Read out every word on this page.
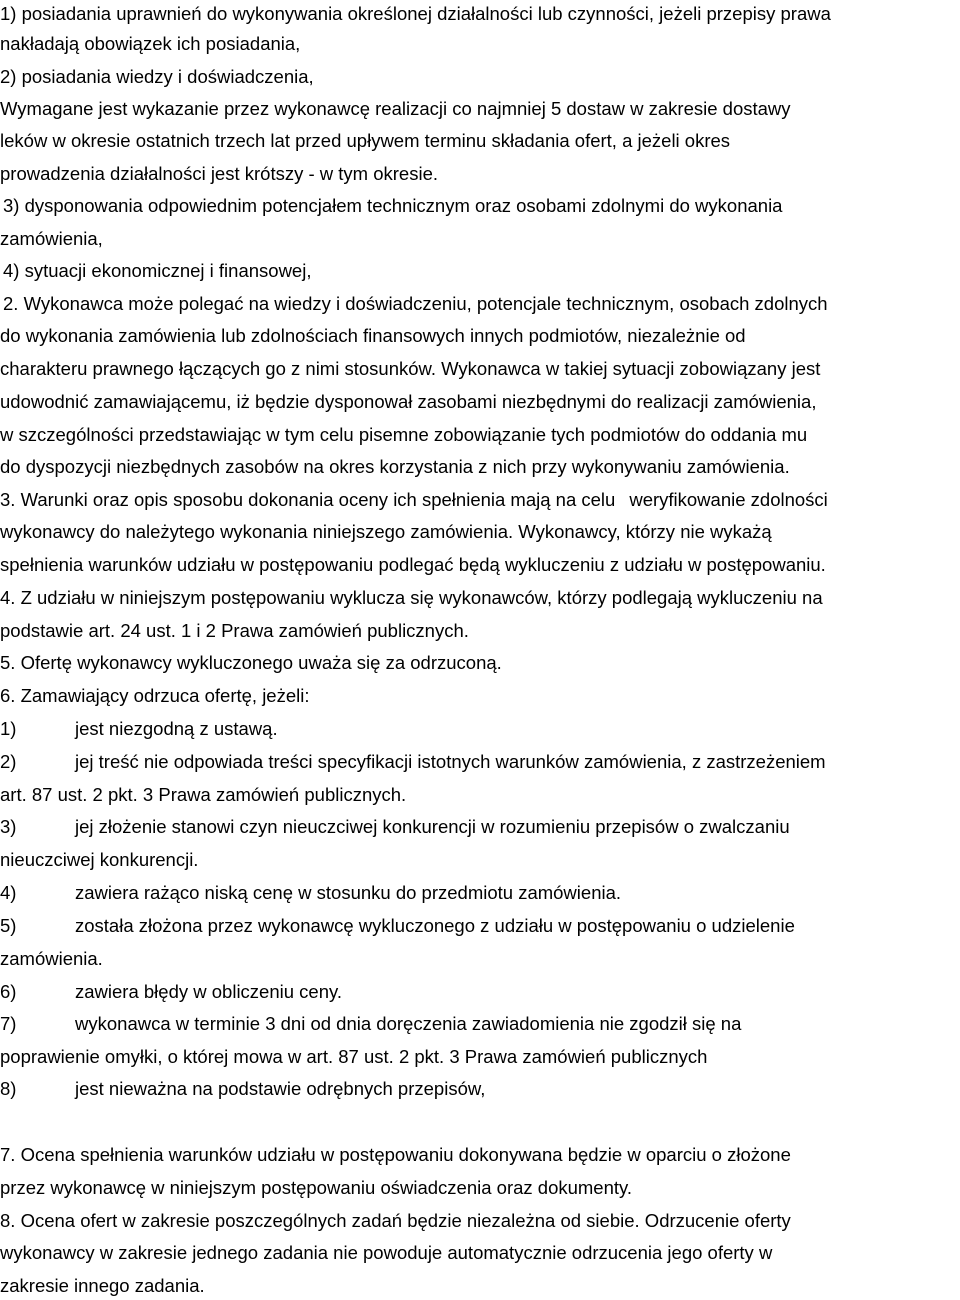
1) posiadania uprawnień do wykonywania określonej działalności lub czynności, jeżeli przepisy prawa
nakładają obowiązek ich posiadania,
2) posiadania wiedzy i doświadczenia,
Wymagane jest wykazanie przez wykonawcę realizacji co najmniej 5 dostaw w zakresie dostawy
leków w okresie ostatnich trzech lat przed upływem terminu składania ofert, a jeżeli okres
prowadzenia działalności jest krótszy - w tym okresie.
3) dysponowania odpowiednim potencjałem technicznym oraz osobami zdolnymi do wykonania
zamówienia,
4) sytuacji ekonomicznej i finansowej,
2. Wykonawca może polegać na wiedzy i doświadczeniu, potencjale technicznym, osobach zdolnych
do wykonania zamówienia lub zdolnościach finansowych innych podmiotów, niezależnie od
charakteru prawnego łączących go z nimi stosunków. Wykonawca w takiej sytuacji zobowiązany jest
udowodnić zamawiającemu, iż będzie dysponował zasobami niezbędnymi do realizacji zamówienia,
w szczególności przedstawiając w tym celu pisemne zobowiązanie tych podmiotów do oddania mu
do dyspozycji niezbędnych zasobów na okres korzystania z nich przy wykonywaniu zamówienia.
3. Warunki oraz opis sposobu dokonania oceny ich spełnienia mają na celu weryfikowanie zdolności
wykonawcy do należytego wykonania niniejszego zamówienia. Wykonawcy, którzy nie wykażą
spełnienia warunków udziału w postępowaniu podlegać będą wykluczeniu z udziału w postępowaniu.
4. Z udziału w niniejszym postępowaniu wyklucza się wykonawców, którzy podlegają wykluczeniu na
podstawie art. 24 ust. 1 i 2 Prawa zamówień publicznych.
5. Ofertę wykonawcy wykluczonego uważa się za odrzuconą.
6. Zamawiający odrzuca ofertę, jeżeli:
1)	jest niezgodną z ustawą.
2)	jej treść nie odpowiada treści specyfikacji istotnych warunków zamówienia, z zastrzeżeniem
art. 87 ust. 2 pkt. 3 Prawa zamówień publicznych.
3)	jej złożenie stanowi czyn nieuczciwej konkurencji w rozumieniu przepisów o zwalczaniu
nieuczciwej konkurencji.
4)	zawiera rażąco niską cenę w stosunku do przedmiotu zamówienia.
5)	została złożona przez wykonawcę wykluczonego z udziału w postępowaniu o udzielenie
zamówienia.
6)	zawiera błędy w obliczeniu ceny.
7)	wykonawca w terminie 3 dni od dnia doręczenia zawiadomienia nie zgodził się na
poprawienie omyłki, o której mowa w art. 87 ust. 2 pkt. 3 Prawa zamówień publicznych
8)	jest nieważna na podstawie odrębnych przepisów,
7. Ocena spełnienia warunków udziału w postępowaniu dokonywana będzie w oparciu o złożone
przez wykonawcę w niniejszym postępowaniu oświadczenia oraz dokumenty.
8. Ocena ofert w zakresie poszczególnych zadań będzie niezależna od siebie. Odrzucenie oferty
wykonawcy w zakresie jednego zadania nie powoduje automatycznie odrzucenia jego oferty w
zakresie innego zadania.
